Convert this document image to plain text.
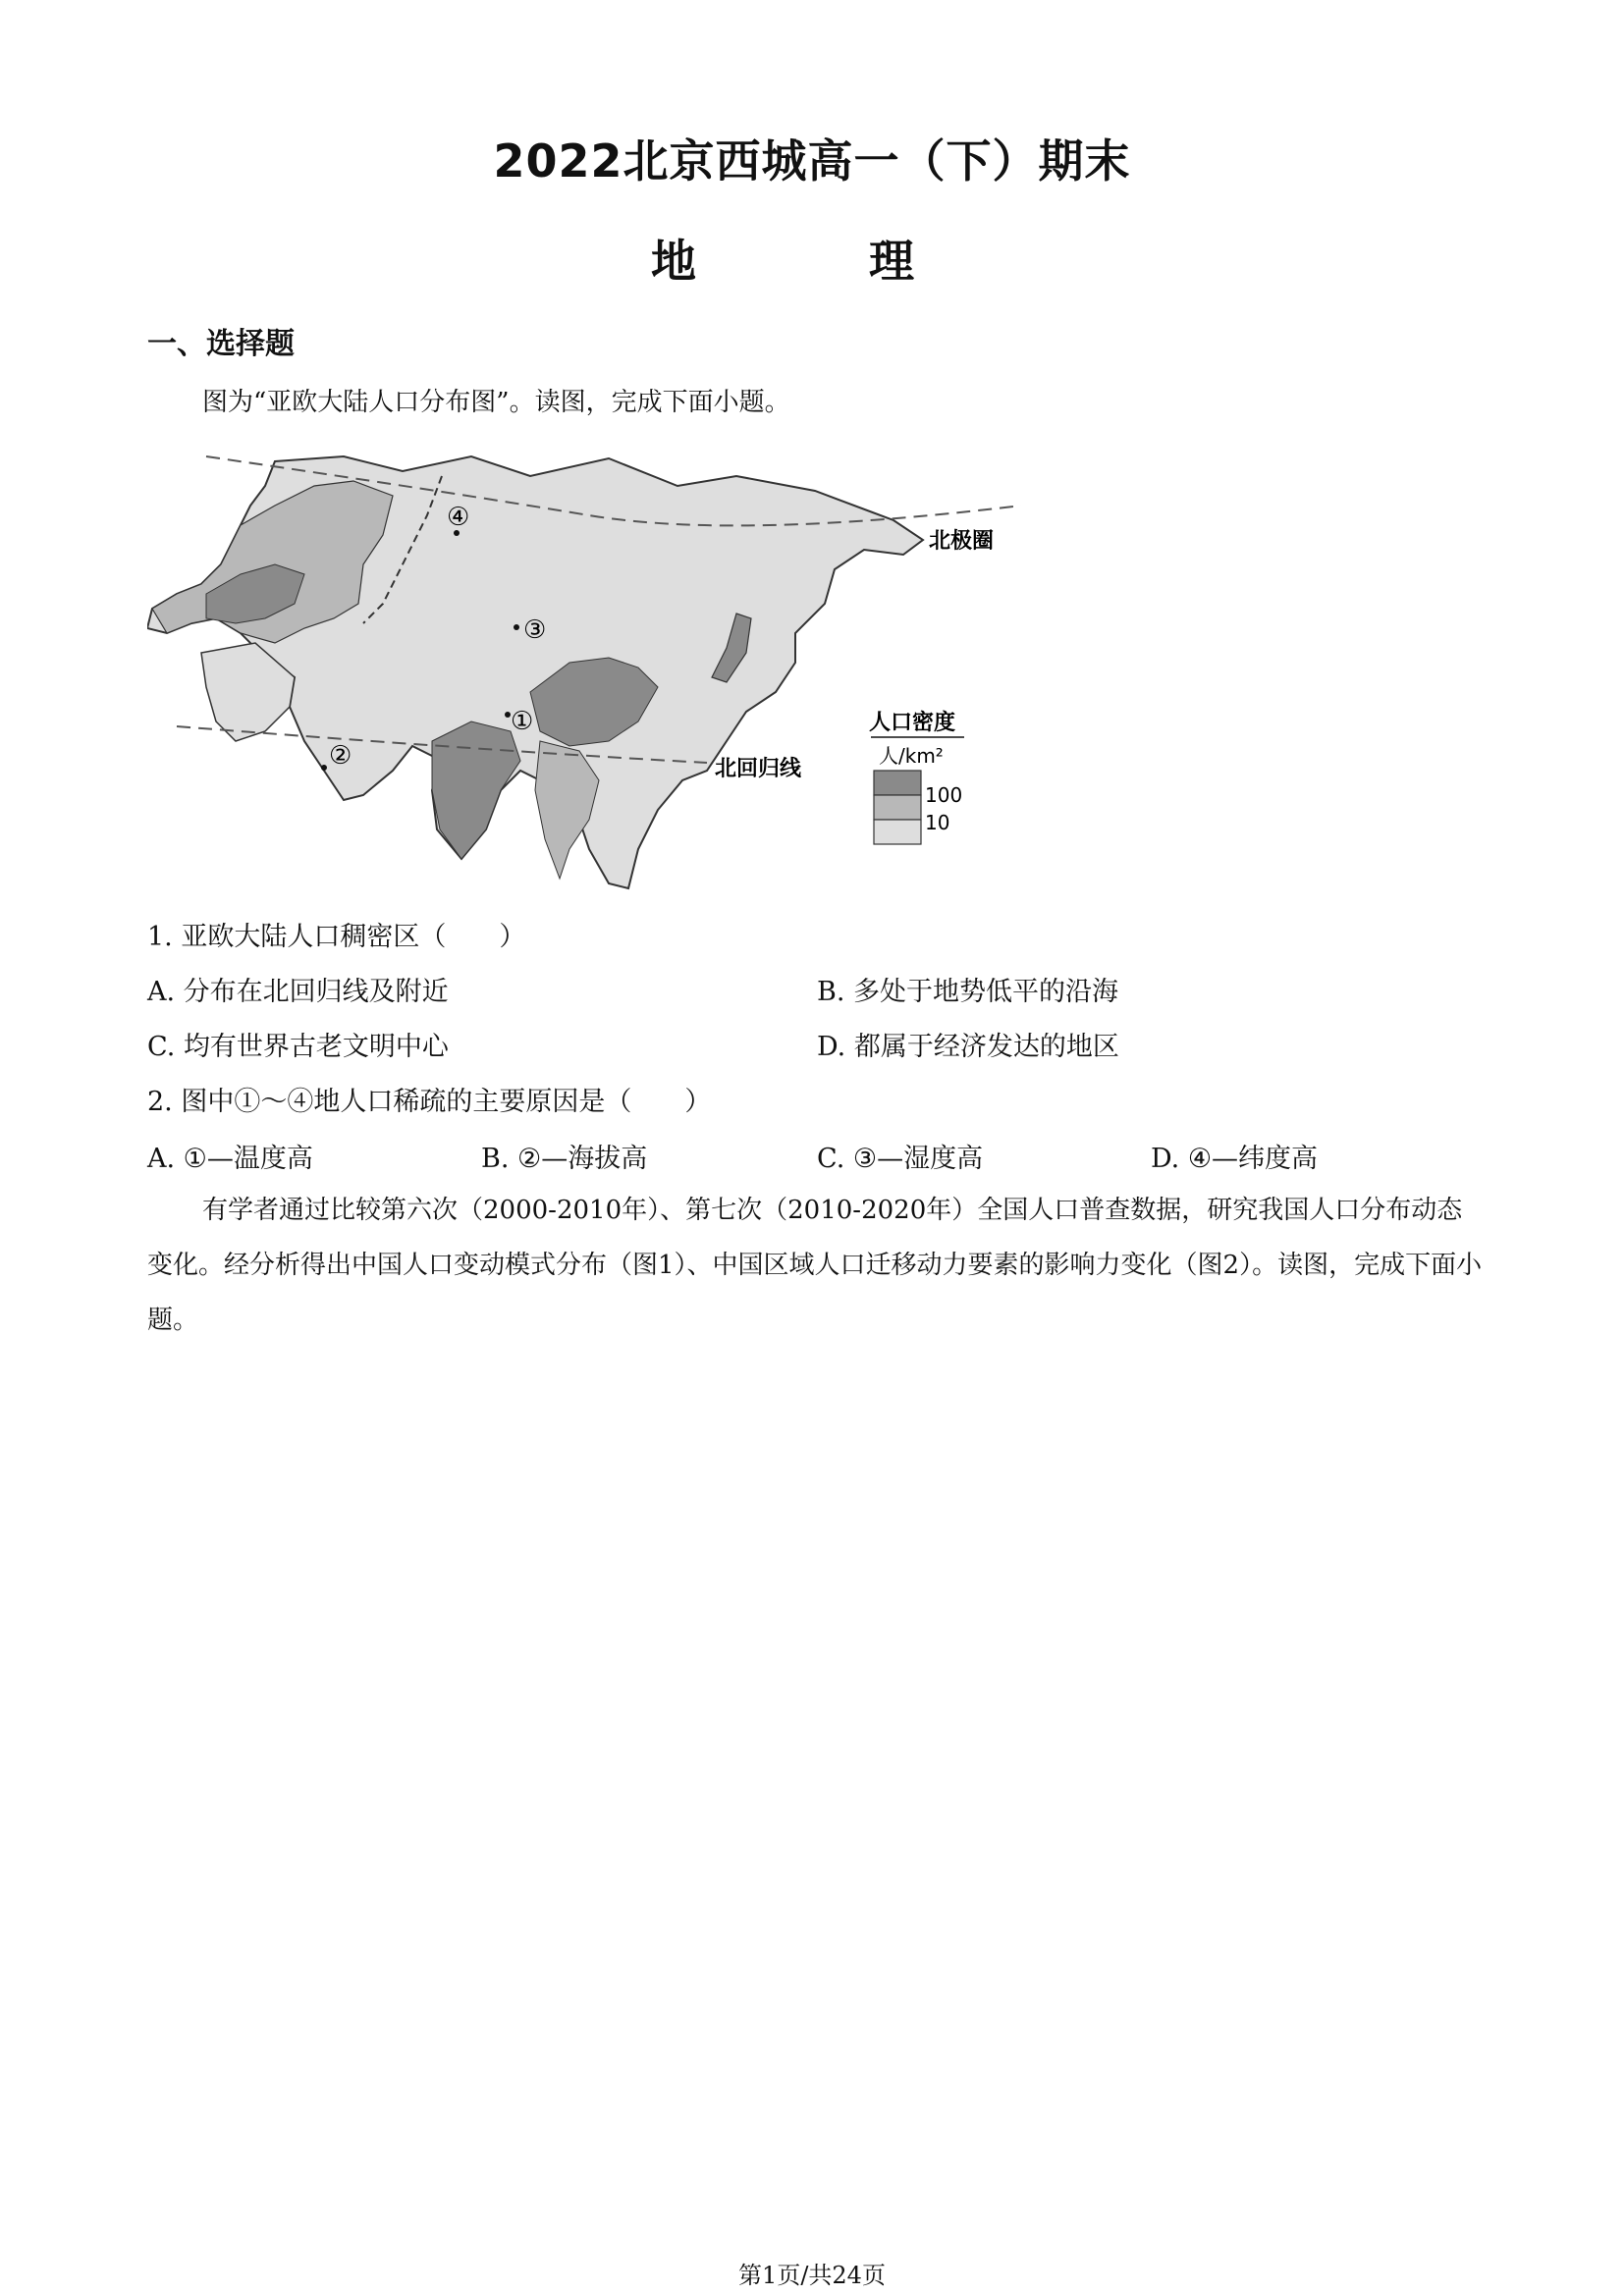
2022北京西城高一（下）期末
地 理
一、选择题
图为“亚欧大陆人口分布图”。读图，完成下面小题。
①
②
③
④
北极圈
北回归线
人口密度
人/km²
100
10
1. 亚欧大陆人口稠密区（　　）
A. 分布在北回归线及附近	B. 多处于地势低平的沿海
C. 均有世界古老文明中心	D. 都属于经济发达的地区
2. 图中①～④地人口稀疏的主要原因是（　　）
A. ①—温度高	B. ②—海拔高	C. ③—湿度高	D. ④—纬度高
有学者通过比较第六次（2000-2010年）、第七次（2010-2020年）全国人口普查数据，研究我国人口分布动态变化。经分析得出中国人口变动模式分布（图1）、中国区域人口迁移动力要素的影响力变化（图2）。读图，完成下面小题。
第1页/共24页
